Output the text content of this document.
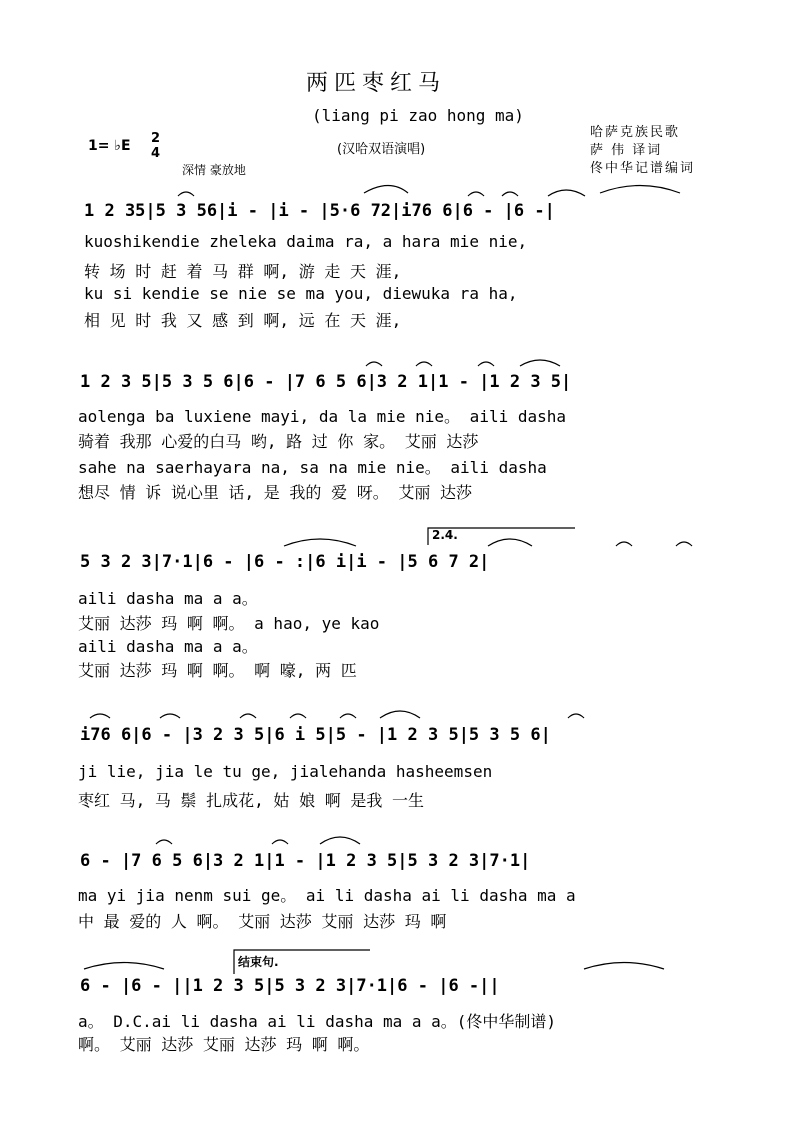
两匹枣红马
(liang pi zao hong ma)
(汉哈双语演唱)
1= ♭E 2
4
深情 豪放地
哈萨克族民歌
萨 伟 译词
佟中华记谱编词
1 2 35|5 3 56|i - |i - |5·6 72|i76 6|6 - |6 -|
kuoshikendie zheleka daima ra, a hara mie nie,
转 场 时 赶 着 马 群 啊, 游 走 天 涯,
ku si kendie se nie se ma you, diewuka ra ha,
相 见 时 我 又 感 到 啊, 远 在 天 涯,
1 2 3 5|5 3 5 6|6 - |7 6 5 6|3 2 1|1 - |1 2 3 5|
aolenga ba luxiene mayi, da la mie nie。 aili dasha
骑着 我那 心爱的白马 哟, 路 过 你 家。 艾丽 达莎
sahe na saerhayara na, sa na mie nie。 aili dasha
想尽 情 诉 说心里 话, 是 我的 爱 呀。 艾丽 达莎
2.4.
5 3 2 3|7·1|6 - |6 - :|6 i|i - |5 6 7 2|
aili dasha ma a a。
艾丽 达莎 玛 啊 啊。 a hao, ye kao
aili dasha ma a a。
艾丽 达莎 玛 啊 啊。 啊 嚎, 两 匹
i76 6|6 - |3 2 3 5|6 i 5|5 - |1 2 3 5|5 3 5 6|
ji lie, jia le tu ge, jialehanda hasheemsen
枣红 马, 马 鬃 扎成花, 姑 娘 啊 是我 一生
6 - |7 6 5 6|3 2 1|1 - |1 2 3 5|5 3 2 3|7·1|
ma yi jia nenm sui ge。 ai li dasha ai li dasha ma a
中 最 爱的 人 啊。 艾丽 达莎 艾丽 达莎 玛 啊
结束句.
6 - |6 - ||1 2 3 5|5 3 2 3|7·1|6 - |6 -||
a。 D.C.ai li dasha ai li dasha ma a a。(佟中华制谱)
啊。 艾丽 达莎 艾丽 达莎 玛 啊 啊。
